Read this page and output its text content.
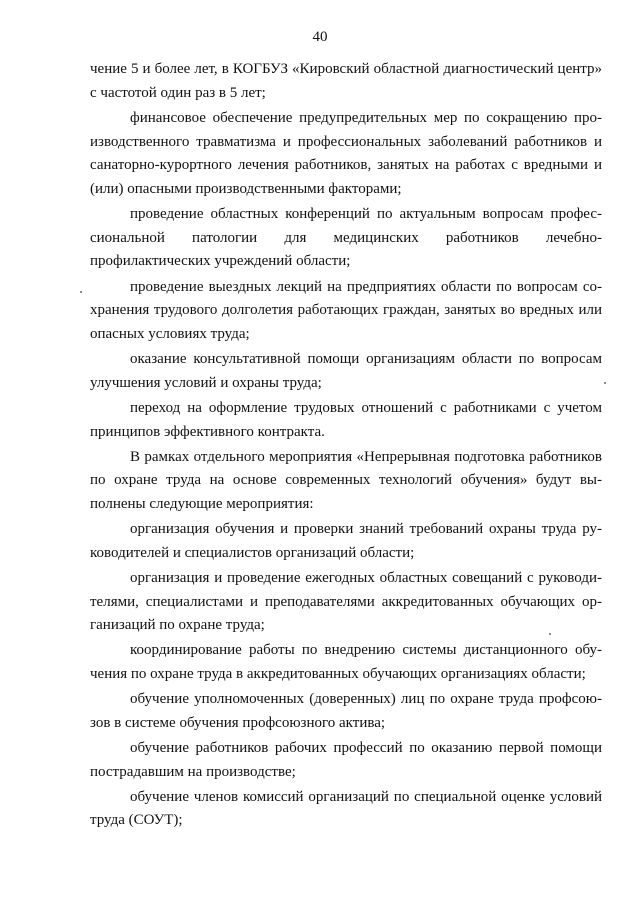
40

чение 5 и более лет, в КОГБУЗ «Кировский областной диагностический центр» с частотой один раз в 5 лет;

финансовое обеспечение предупредительных мер по сокращению производственного травматизма и профессиональных заболеваний работников и санаторно-курортного лечения работников, занятых на работах с вредными и (или) опасными производственными факторами;

проведение областных конференций по актуальным вопросам профессиональной патологии для медицинских работников лечебно-профилактических учреждений области;

проведение выездных лекций на предприятиях области по вопросам сохранения трудового долголетия работающих граждан, занятых во вредных или опасных условиях труда;

оказание консультативной помощи организациям области по вопросам улучшения условий и охраны труда;

переход на оформление трудовых отношений с работниками с учетом принципов эффективного контракта.

В рамках отдельного мероприятия «Непрерывная подготовка работников по охране труда на основе современных технологий обучения» будут выполнены следующие мероприятия:

организация обучения и проверки знаний требований охраны труда руководителей и специалистов организаций области;

организация и проведение ежегодных областных совещаний с руководителями, специалистами и преподавателями аккредитованных обучающих организаций по охране труда;

координирование работы по внедрению системы дистанционного обучения по охране труда в аккредитованных обучающих организациях области;

обучение уполномоченных (доверенных) лиц по охране труда профсоюзов в системе обучения профсоюзного актива;

обучение работников рабочих профессий по оказанию первой помощи пострадавшим на производстве;

обучение членов комиссий организаций по специальной оценке условий труда (СОУТ);
